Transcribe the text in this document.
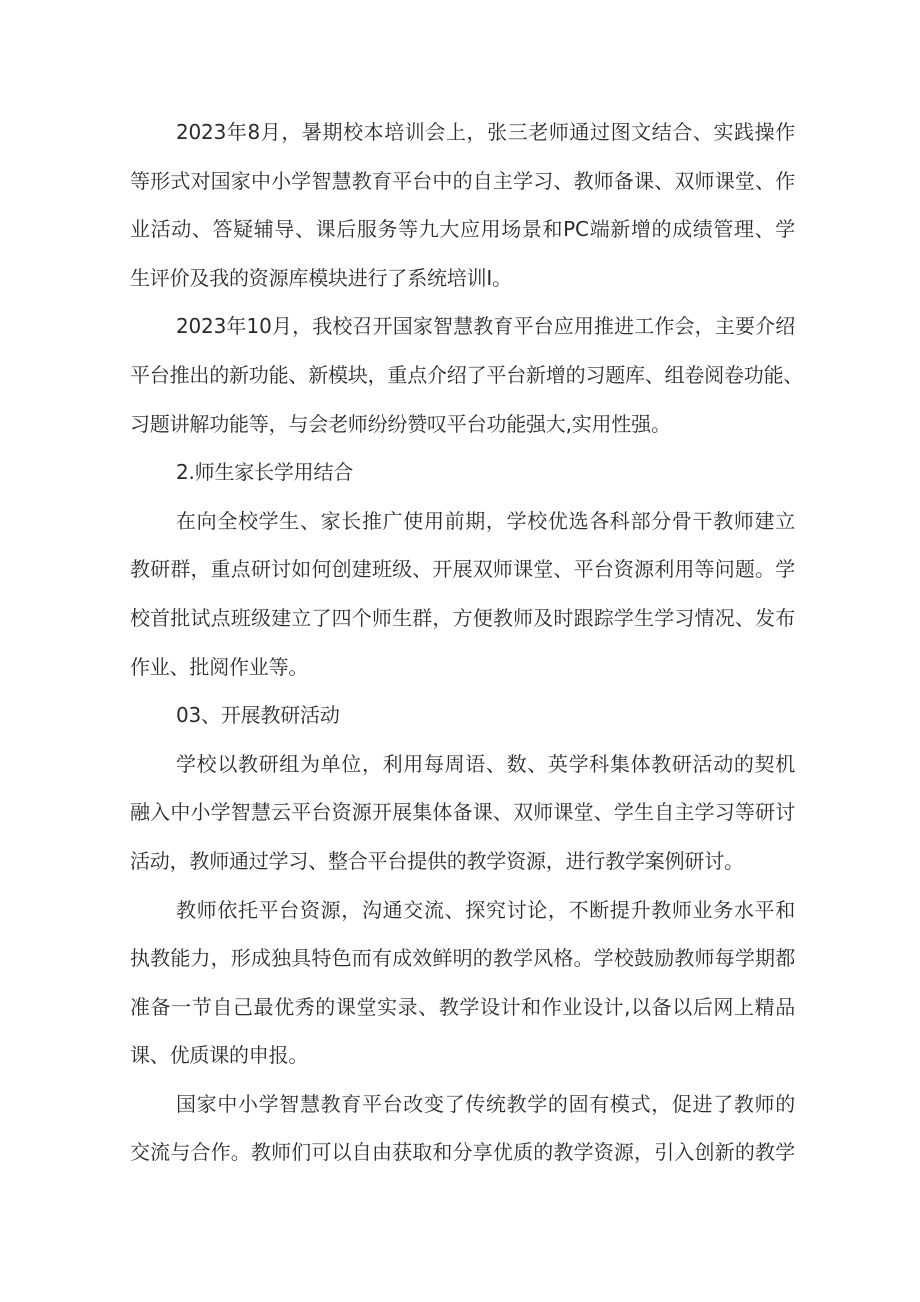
2023年8月，暑期校本培训会上，张三老师通过图文结合、实践操作
等形式对国家中小学智慧教育平台中的自主学习、教师备课、双师课堂、作
业活动、答疑辅导、课后服务等九大应用场景和PC端新增的成绩管理、学
生评价及我的资源库模块进行了系统培训I。
2023年10月，我校召开国家智慧教育平台应用推进工作会，主要介绍
平台推出的新功能、新模块，重点介绍了平台新增的习题库、组卷阅卷功能、
习题讲解功能等，与会老师纷纷赞叹平台功能强大,实用性强。
2.师生家长学用结合
在向全校学生、家长推广使用前期，学校优选各科部分骨干教师建立
教研群，重点研讨如何创建班级、开展双师课堂、平台资源利用等问题。学
校首批试点班级建立了四个师生群，方便教师及时跟踪学生学习情况、发布
作业、批阅作业等。
03、开展教研活动
学校以教研组为单位，利用每周语、数、英学科集体教研活动的契机
融入中小学智慧云平台资源开展集体备课、双师课堂、学生自主学习等研讨
活动，教师通过学习、整合平台提供的教学资源，进行教学案例研讨。
教师依托平台资源，沟通交流、探究讨论，不断提升教师业务水平和
执教能力，形成独具特色而有成效鲜明的教学风格。学校鼓励教师每学期都
准备一节自己最优秀的课堂实录、教学设计和作业设计,以备以后网上精品
课、优质课的申报。
国家中小学智慧教育平台改变了传统教学的固有模式，促进了教师的
交流与合作。教师们可以自由获取和分享优质的教学资源，引入创新的教学
